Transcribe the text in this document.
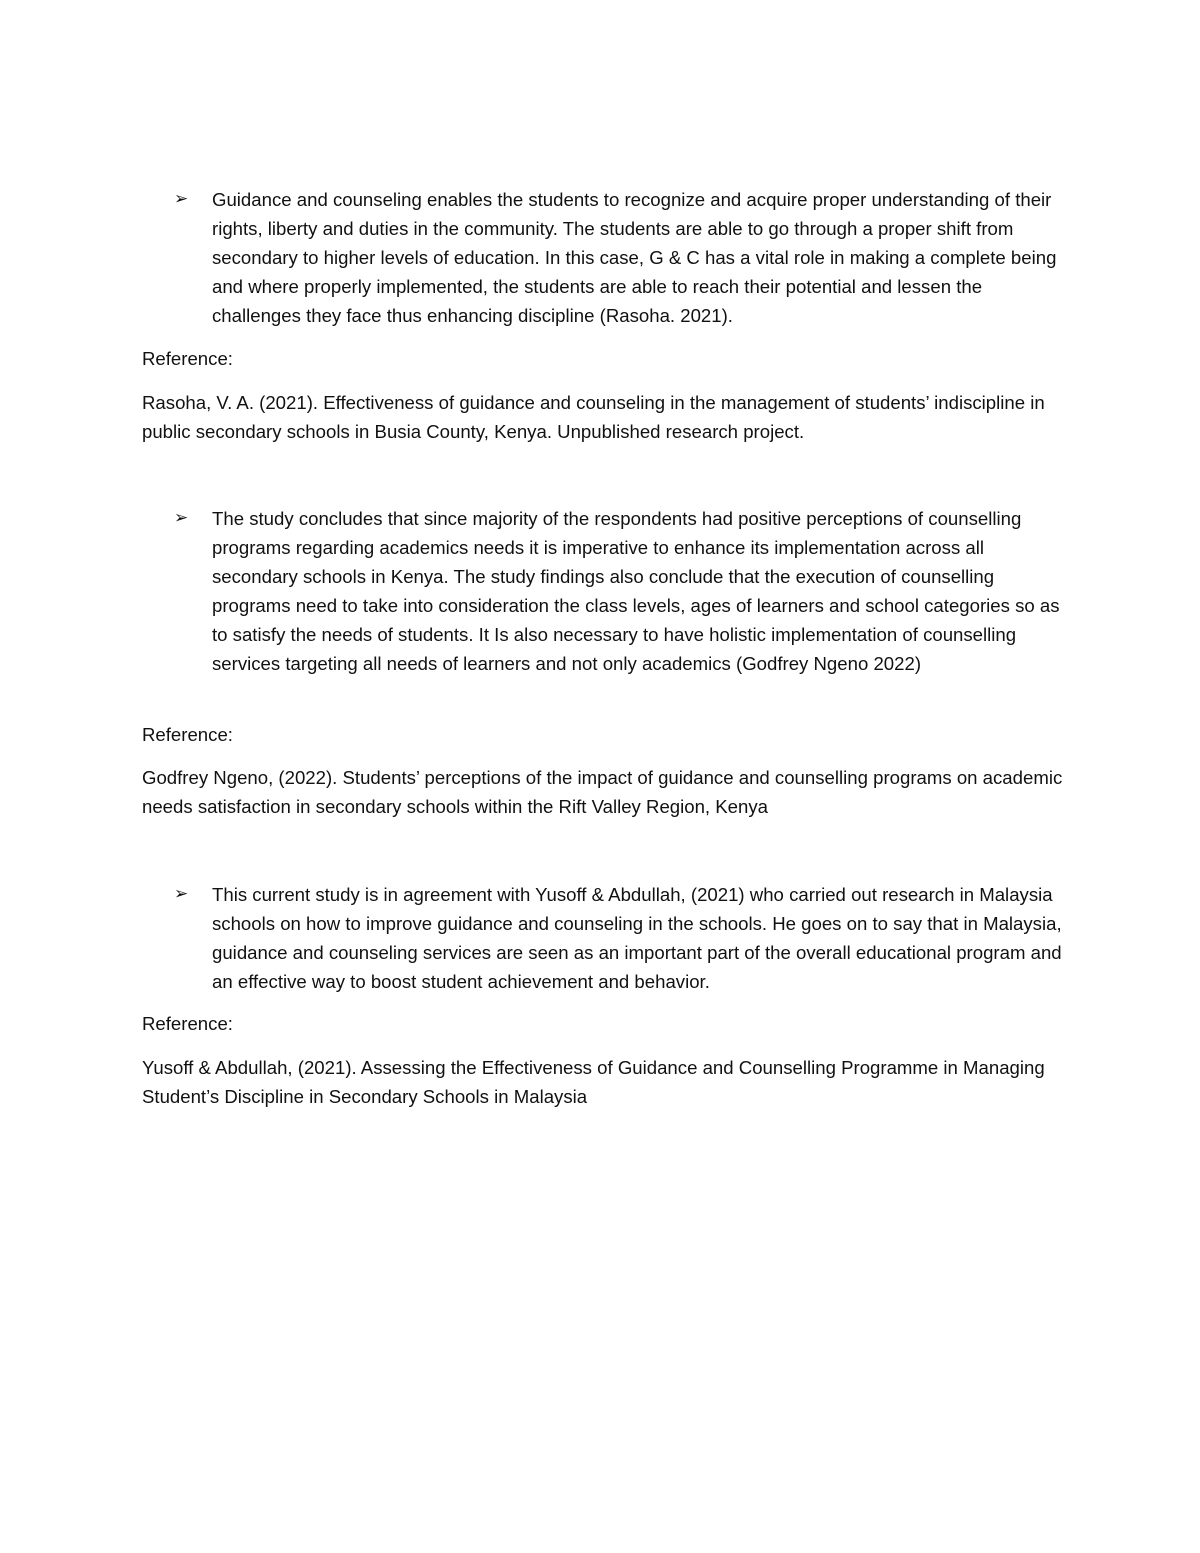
➢	Guidance and counseling enables the students to recognize and acquire proper understanding of their rights, liberty and duties in the community. The students are able to go through a proper shift from secondary to higher levels of education. In this case, G & C has a vital role in making a complete being and where properly implemented, the students are able to reach their potential and lessen the challenges they face thus enhancing discipline (Rasoha. 2021).

Reference:

Rasoha, V. A. (2021). Effectiveness of guidance and counseling in the management of students’ indiscipline in public secondary schools in Busia County, Kenya. Unpublished research project.

➢	The study concludes that since majority of the respondents had positive perceptions of counselling programs regarding academics needs it is imperative to enhance its implementation across all secondary schools in Kenya. The study findings also conclude that the execution of counselling programs need to take into consideration the class levels, ages of learners and school categories so as to satisfy the needs of students. It Is also necessary to have holistic implementation of counselling services targeting all needs of learners and not only academics (Godfrey Ngeno 2022)

Reference:

Godfrey Ngeno, (2022). Students’ perceptions of the impact of guidance and counselling programs on academic needs satisfaction in secondary schools within the Rift Valley Region, Kenya

➢	This current study is in agreement with Yusoff & Abdullah, (2021) who carried out research in Malaysia schools on how to improve guidance and counseling in the schools. He goes on to say that in Malaysia, guidance and counseling services are seen as an important part of the overall educational program and an effective way to boost student achievement and behavior.

Reference:

Yusoff & Abdullah, (2021). Assessing the Effectiveness of Guidance and Counselling Programme in Managing Student’s Discipline in Secondary Schools in Malaysia
